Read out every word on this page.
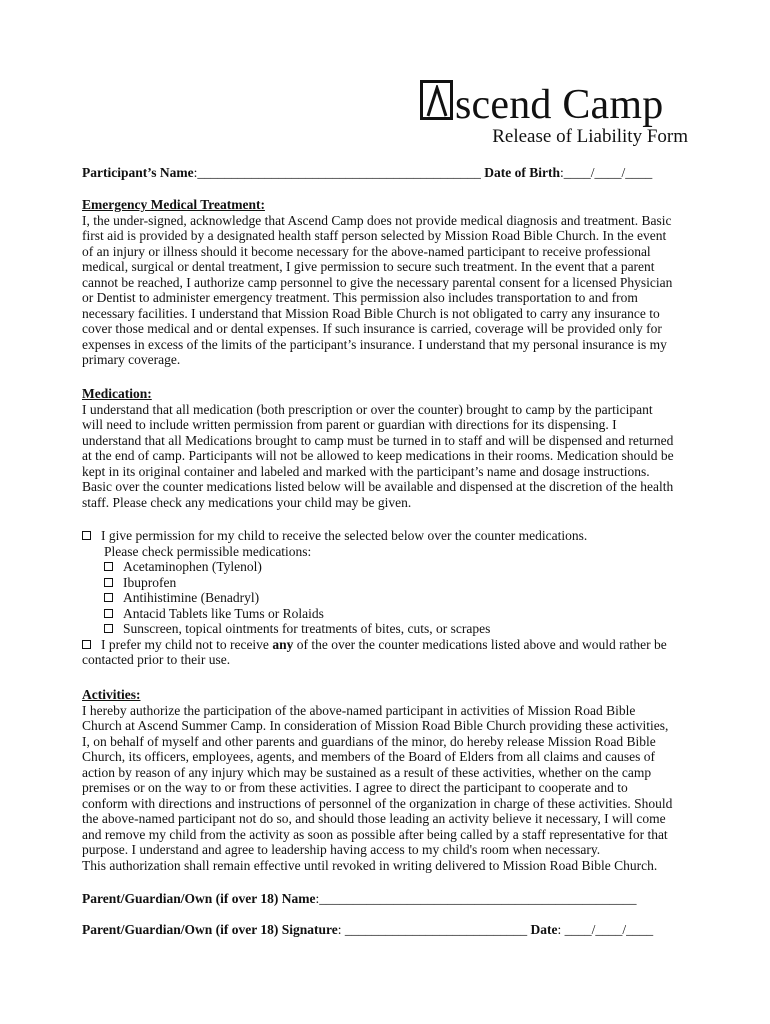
scend Camp
Release of Liability Form
Participant’s Name:__________________________________________ Date of Birth:____/____/____
Emergency Medical Treatment:
I, the under-signed, acknowledge that Ascend Camp does not provide medical diagnosis and treatment. Basic
first aid is provided by a designated health staff person selected by Mission Road Bible Church. In the event
of an injury or illness should it become necessary for the above-named participant to receive professional
medical, surgical or dental treatment, I give permission to secure such treatment. In the event that a parent
cannot be reached, I authorize camp personnel to give the necessary parental consent for a licensed Physician
or Dentist to administer emergency treatment. This permission also includes transportation to and from
necessary facilities. I understand that Mission Road Bible Church is not obligated to carry any insurance to
cover those medical and or dental expenses. If such insurance is carried, coverage will be provided only for
expenses in excess of the limits of the participant’s insurance. I understand that my personal insurance is my
primary coverage.
Medication:
I understand that all medication (both prescription or over the counter) brought to camp by the participant
will need to include written permission from parent or guardian with directions for its dispensing. I
understand that all Medications brought to camp must be turned in to staff and will be dispensed and returned
at the end of camp. Participants will not be allowed to keep medications in their rooms. Medication should be
kept in its original container and labeled and marked with the participant’s name and dosage instructions.
Basic over the counter medications listed below will be available and dispensed at the discretion of the health
staff. Please check any medications your child may be given.
I give permission for my child to receive the selected below over the counter medications.
Please check permissible medications:
Acetaminophen (Tylenol)
Ibuprofen
Antihistimine (Benadryl)
Antacid Tablets like Tums or Rolaids
Sunscreen, topical ointments for treatments of bites, cuts, or scrapes
I prefer my child not to receive any of the over the counter medications listed above and would rather be
contacted prior to their use.
Activities:
I hereby authorize the participation of the above-named participant in activities of Mission Road Bible
Church at Ascend Summer Camp. In consideration of Mission Road Bible Church providing these activities,
I, on behalf of myself and other parents and guardians of the minor, do hereby release Mission Road Bible
Church, its officers, employees, agents, and members of the Board of Elders from all claims and causes of
action by reason of any injury which may be sustained as a result of these activities, whether on the camp
premises or on the way to or from these activities. I agree to direct the participant to cooperate and to
conform with directions and instructions of personnel of the organization in charge of these activities. Should
the above-named participant not do so, and should those leading an activity believe it necessary, I will come
and remove my child from the activity as soon as possible after being called by a staff representative for that
purpose. I understand and agree to leadership having access to my child's room when necessary.
This authorization shall remain effective until revoked in writing delivered to Mission Road Bible Church.
Parent/Guardian/Own (if over 18) Name:_______________________________________________
Parent/Guardian/Own (if over 18) Signature: ___________________________ Date: ____/____/____
